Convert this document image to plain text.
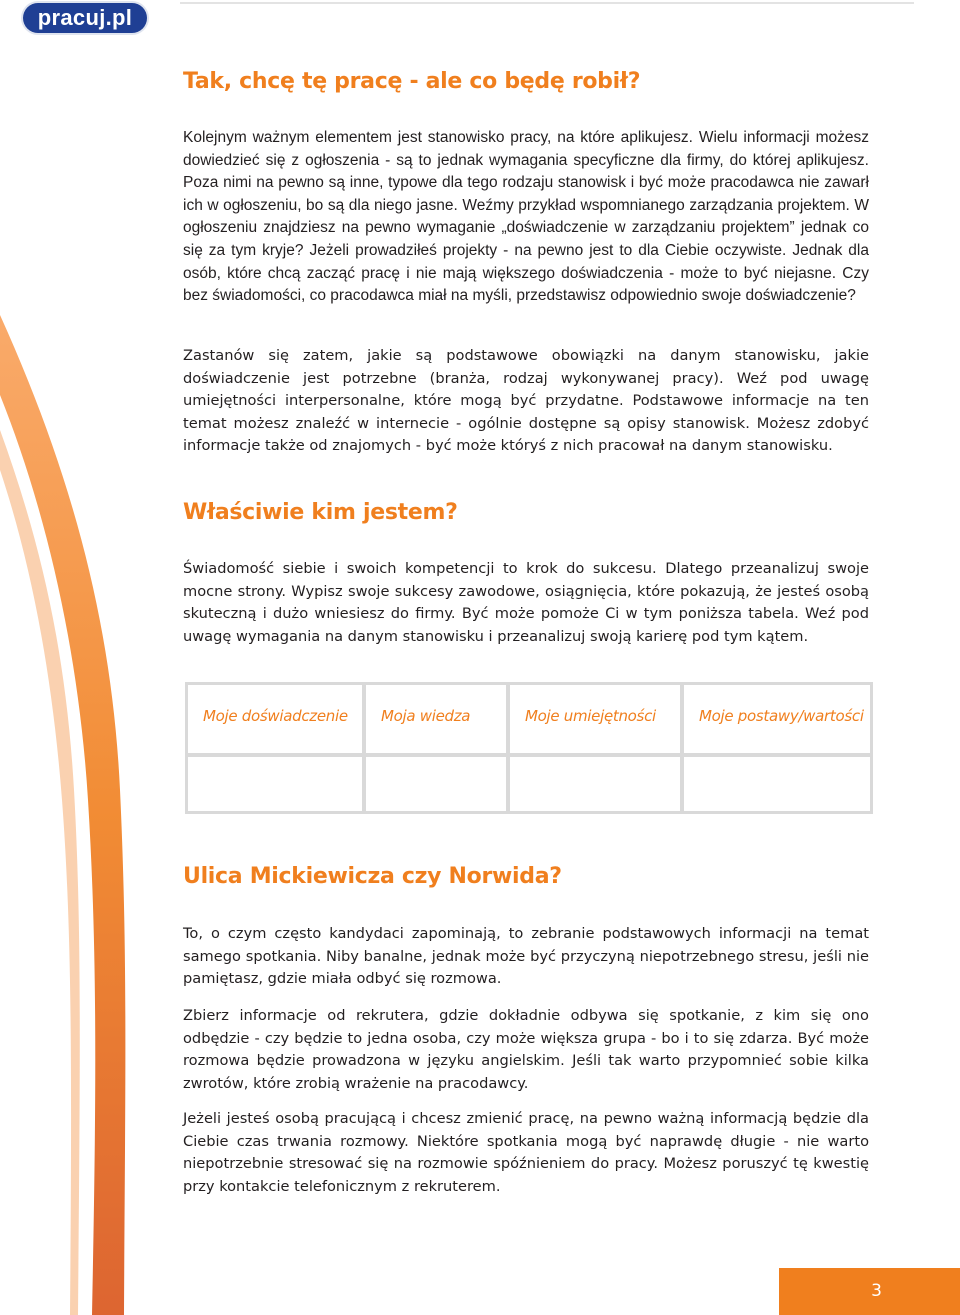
pracuj.pl
Tak, chcę tę pracę - ale co będę robił?

Kolejnym ważnym elementem jest stanowisko pracy, na które aplikujesz. Wielu informacji możesz dowiedzieć się z ogłoszenia - są to jednak wymagania specyficzne dla firmy, do której aplikujesz. Poza nimi na pewno są inne, typowe dla tego rodzaju stanowisk i być może pracodawca nie zawarł ich w ogłoszeniu, bo są dla niego jasne. Weźmy przykład wspomnianego zarządzania projektem. W ogłoszeniu znajdziesz na pewno wymaganie „doświadczenie w zarządzaniu projektem” jednak co się za tym kryje? Jeżeli prowadziłeś projekty - na pewno jest to dla Ciebie oczywiste. Jednak dla osób, które chcą zacząć pracę i nie mają większego doświadczenia - może to być niejasne. Czy bez świadomości, co pracodawca miał na myśli, przedstawisz odpowiednio swoje doświadczenie?

Zastanów się zatem, jakie są podstawowe obowiązki na danym stanowisku, jakie doświadczenie jest potrzebne (branża, rodzaj wykonywanej pracy). Weź pod uwagę umiejętności interpersonalne, które mogą być przydatne. Podstawowe informacje na ten temat możesz znaleźć w internecie - ogólnie dostępne są opisy stanowisk. Możesz zdobyć informacje także od znajomych - być może któryś z nich pracował na danym stanowisku.

Właściwie kim jestem?

Świadomość siebie i swoich kompetencji to krok do sukcesu. Dlatego przeanalizuj swoje mocne strony. Wypisz swoje sukcesy zawodowe, osiągnięcia, które pokazują, że jesteś osobą skuteczną i dużo wniesiesz do firmy. Być może pomoże Ci w tym poniższa tabela. Weź pod uwagę wymagania na danym stanowisku i przeanalizuj swoją karierę pod tym kątem.

Moje doświadczenie	Moja wiedza	Moje umiejętności	Moje postawy/wartości
Ulica Mickiewicza czy Norwida?

To, o czym często kandydaci zapominają, to zebranie podstawowych informacji na temat samego spotkania. Niby banalne, jednak może być przyczyną niepotrzebnego stresu, jeśli nie pamiętasz, gdzie miała odbyć się rozmowa.

Zbierz informacje od rekrutera, gdzie dokładnie odbywa się spotkanie, z kim się ono odbędzie - czy będzie to jedna osoba, czy może większa grupa - bo i to się zdarza. Być może rozmowa będzie prowadzona w języku angielskim. Jeśli tak warto przypomnieć sobie kilka zwrotów, które zrobią wrażenie na pracodawcy.

Jeżeli jesteś osobą pracującą i chcesz zmienić pracę, na pewno ważną informacją będzie dla Ciebie czas trwania rozmowy. Niektóre spotkania mogą być naprawdę długie - nie warto niepotrzebnie stresować się na rozmowie spóźnieniem do pracy. Możesz poruszyć tę kwestię przy kontakcie telefonicznym z rekruterem.

3
